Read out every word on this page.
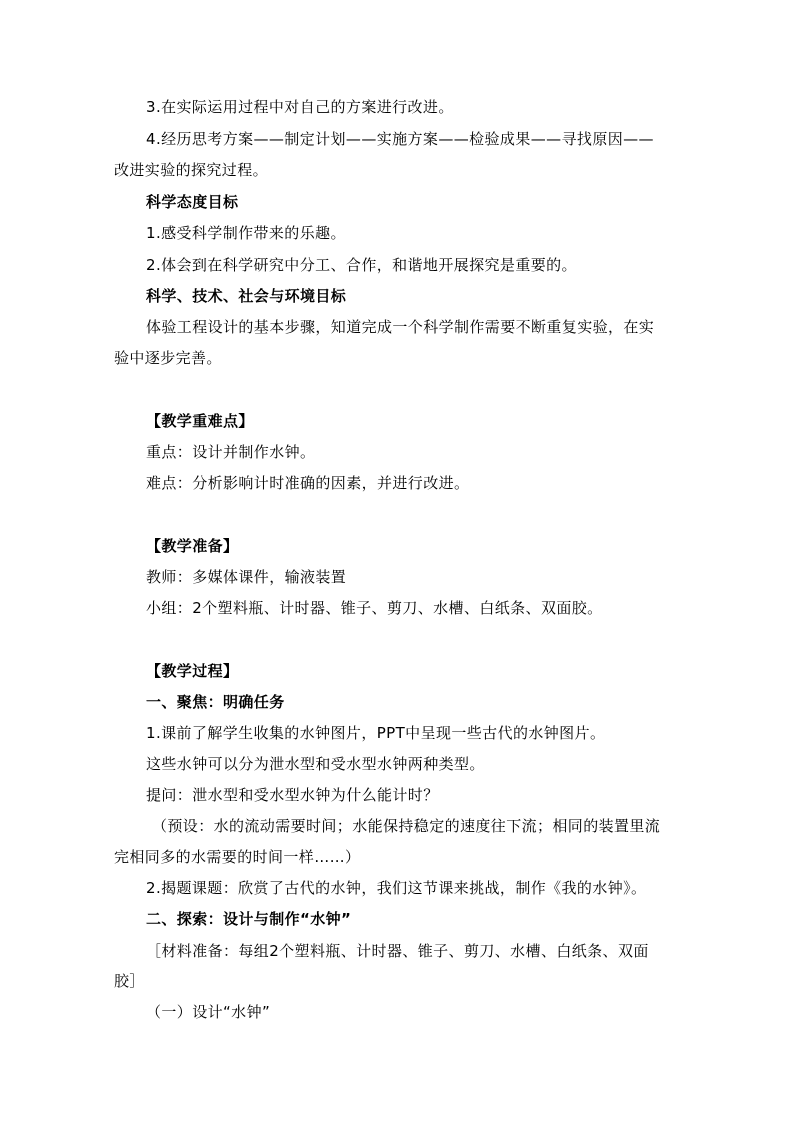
3.在实际运用过程中对自己的方案进行改进。
4.经历思考方案——制定计划——实施方案——检验成果——寻找原因——
改进实验的探究过程。
科学态度目标
1.感受科学制作带来的乐趣。
2.体会到在科学研究中分工、合作，和谐地开展探究是重要的。
科学、技术、社会与环境目标
体验工程设计的基本步骤，知道完成一个科学制作需要不断重复实验，在实
验中逐步完善。
【教学重难点】
重点：设计并制作水钟。
难点：分析影响计时准确的因素，并进行改进。
【教学准备】
教师：多媒体课件，输液装置
小组：2个塑料瓶、计时器、锥子、剪刀、水槽、白纸条、双面胶。
【教学过程】
一、聚焦：明确任务
1.课前了解学生收集的水钟图片，PPT中呈现一些古代的水钟图片。
这些水钟可以分为泄水型和受水型水钟两种类型。
提问：泄水型和受水型水钟为什么能计时？
（预设：水的流动需要时间；水能保持稳定的速度往下流；相同的装置里流
完相同多的水需要的时间一样……）
2.揭题课题：欣赏了古代的水钟，我们这节课来挑战，制作《我的水钟》。
二、探索：设计与制作“水钟”
［材料准备：每组2个塑料瓶、计时器、锥子、剪刀、水槽、白纸条、双面
胶］
（一）设计“水钟”
